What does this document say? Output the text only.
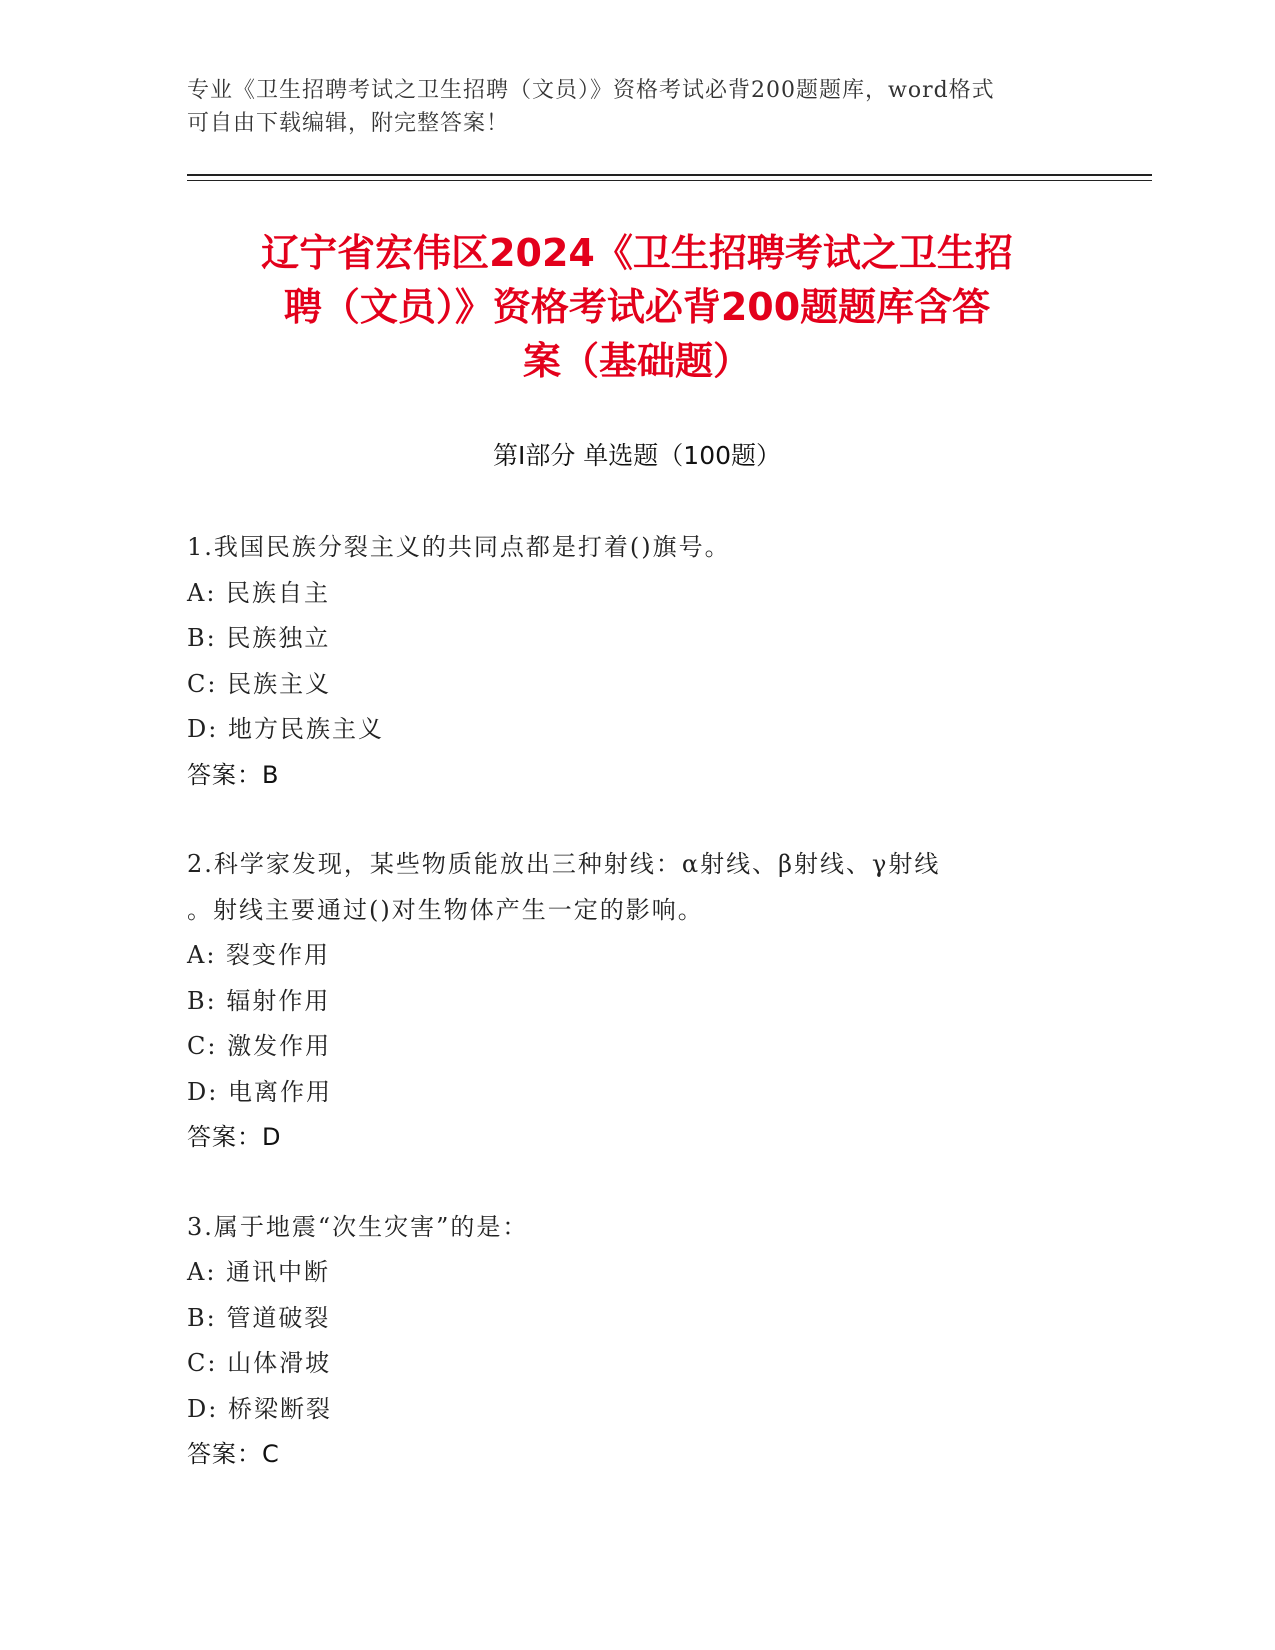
专业《卫生招聘考试之卫生招聘（文员）》资格考试必背200题题库，word格式
可自由下载编辑，附完整答案！
辽宁省宏伟区2024《卫生招聘考试之卫生招
聘（文员）》资格考试必背200题题库含答
案（基础题）
第Ⅰ部分 单选题（100题）
1.我国民族分裂主义的共同点都是打着()旗号。
A: 民族自主
B: 民族独立
C: 民族主义
D: 地方民族主义
答案：B
2.科学家发现，某些物质能放出三种射线：α射线、β射线、γ射线
。射线主要通过()对生物体产生一定的影响。
A: 裂变作用
B: 辐射作用
C: 激发作用
D: 电离作用
答案：D
3.属于地震“次生灾害”的是：
A: 通讯中断
B: 管道破裂
C: 山体滑坡
D: 桥梁断裂
答案：C
